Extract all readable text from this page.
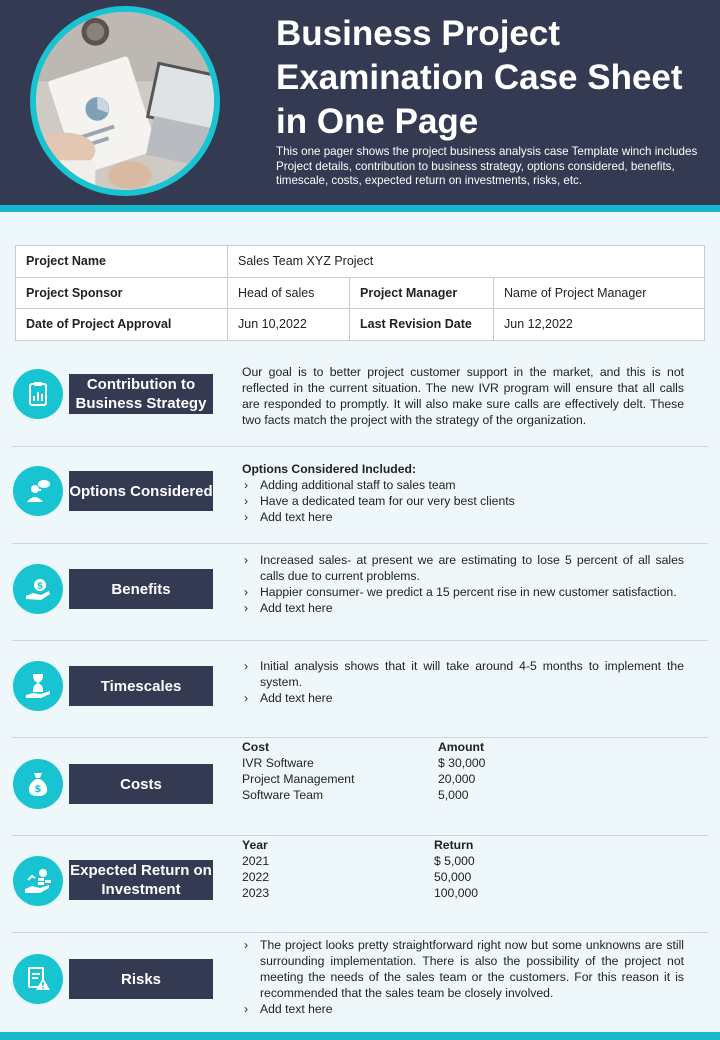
Business Project Examination Case Sheet in One Page
This one pager shows the project business analysis case Template winch includes Project details, contribution to business strategy, options considered, benefits, timescale, costs, expected return on investments, risks, etc.
Project Name	Sales Team XYZ Project		
Project Sponsor	Head of sales	Project Manager	Name of Project Manager
Date of Project Approval	Jun 10,2022	Last Revision Date	Jun 12,2022
Contribution to Business Strategy

Our goal is to better project customer support in the market, and this is not reflected in the current situation. The new IVR program will ensure that all calls are responded to promptly. It will also make sure calls are effectively delt. These two facts match the project with the strategy of the organization.

Options Considered
Options Considered Included:
› Adding additional staff to sales team
› Have a dedicated team for our very best clients
› Add text here
$	Benefits
› Increased sales- at present we are estimating to lose 5 percent of all sales calls due to current problems.
› Happier consumer- we predict a 15 percent rise in new customer satisfaction.
› Add text here
Timescales
› Initial analysis shows that it will take around 4-5 months to implement the system.
› Add text here
$	Costs
Cost	Amount
IVR Software	$ 30,000
Project Management	20,000
Software Team	5,000
Expected Return on Investment
Year	Return
2021	$ 5,000
2022	50,000
2023	100,000
Risks
› The project looks pretty straightforward right now but some unknowns are still surrounding implementation. There is also the possibility of the project not meeting the needs of the sales team or the customers. For this reason it is recommended that the sales team be closely involved.
› Add text here
